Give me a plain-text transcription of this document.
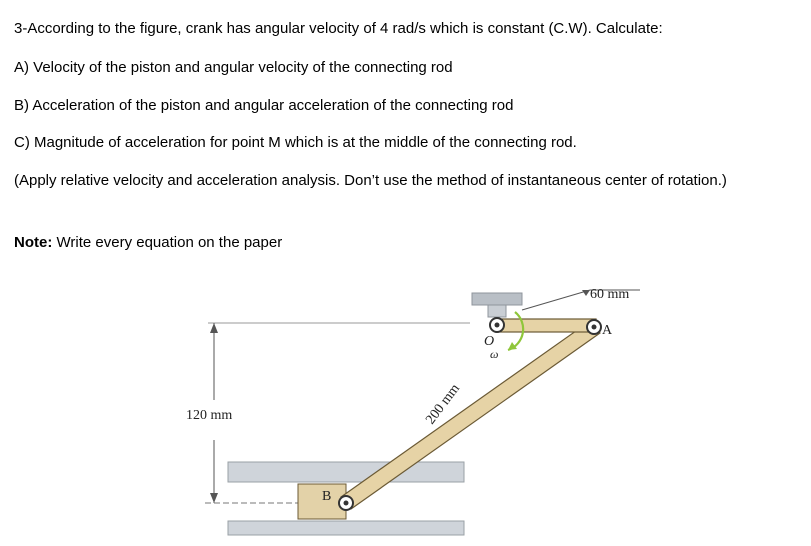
3-According to the figure, crank has angular velocity of 4 rad/s which is constant (C.W). Calculate:

A) Velocity of the piston and angular velocity of the connecting rod

B) Acceleration of the piston and angular acceleration of the connecting rod

C) Magnitude of acceleration for point M which is at the middle of the connecting rod.

(Apply relative velocity and acceleration analysis. Don’t use the method of instantaneous center of rotation.)

Note: Write every equation on the paper

120 mm
B
200 mm
O
A
60 mm
ω
